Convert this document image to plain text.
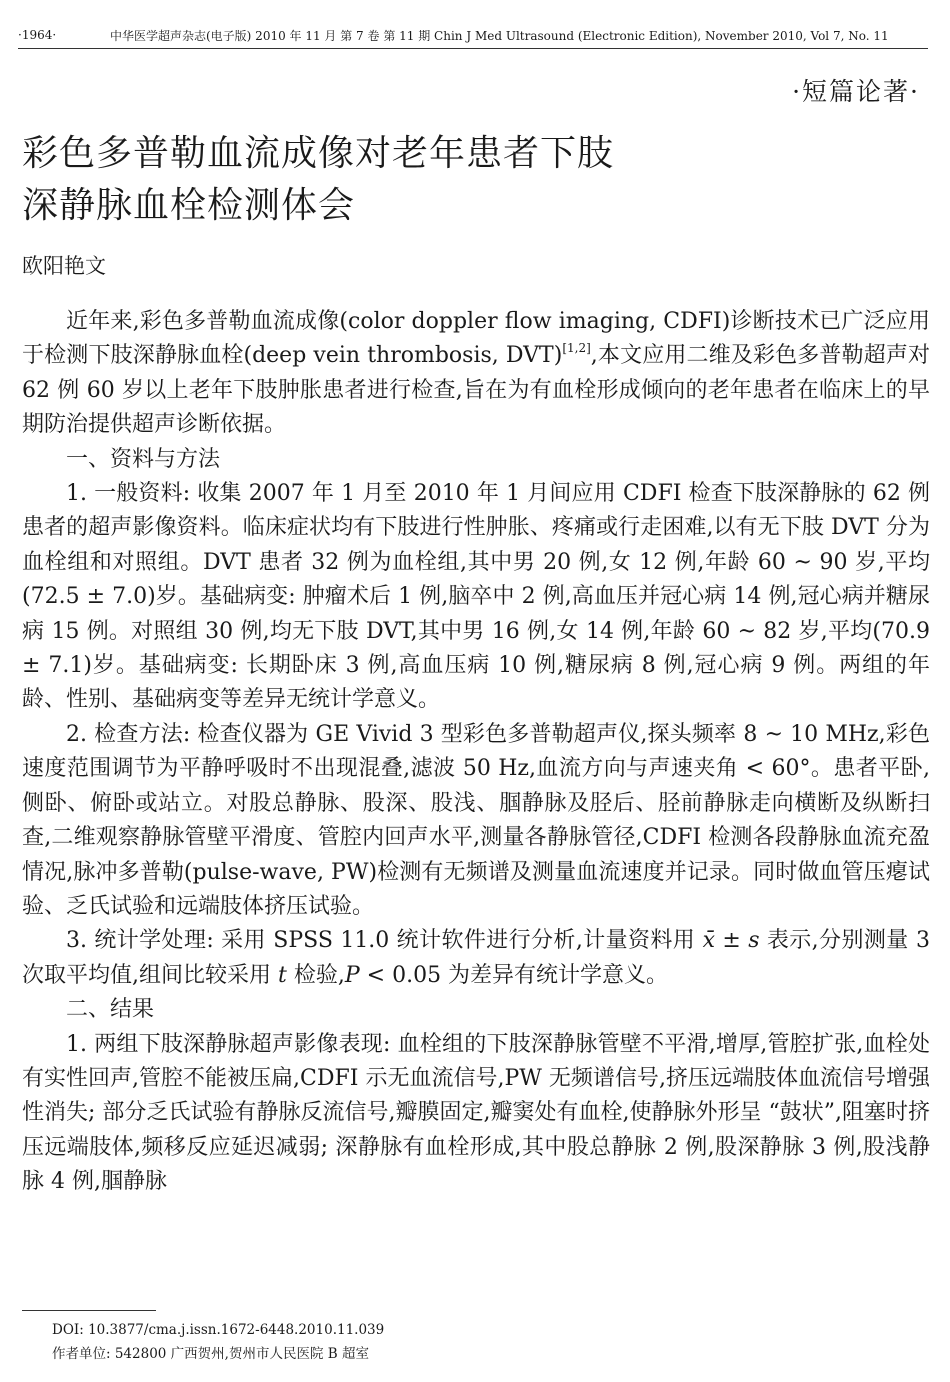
·1964·	中华医学超声杂志(电子版) 2010 年 11 月 第 7 卷 第 11 期 Chin J Med Ultrasound (Electronic Edition), November 2010, Vol 7, No. 11
·短篇论著·
彩色多普勒血流成像对老年患者下肢
深静脉血栓检测体会
欧阳艳文

近年来,彩色多普勒血流成像(color doppler flow imaging, CDFI)诊断技术已广泛应用于检测下肢深静脉血栓(deep vein thrombosis, DVT)[1,2],本文应用二维及彩色多普勒超声对 62 例 60 岁以上老年下肢肿胀患者进行检查,旨在为有血栓形成倾向的老年患者在临床上的早期防治提供超声诊断依据。

一、资料与方法

1. 一般资料: 收集 2007 年 1 月至 2010 年 1 月间应用 CDFI 检查下肢深静脉的 62 例患者的超声影像资料。临床症状均有下肢进行性肿胀、疼痛或行走困难,以有无下肢 DVT 分为血栓组和对照组。DVT 患者 32 例为血栓组,其中男 20 例,女 12 例,年龄 60 ~ 90 岁,平均(72.5 ± 7.0)岁。基础病变: 肿瘤术后 1 例,脑卒中 2 例,高血压并冠心病 14 例,冠心病并糖尿病 15 例。对照组 30 例,均无下肢 DVT,其中男 16 例,女 14 例,年龄 60 ~ 82 岁,平均(70.9 ± 7.1)岁。基础病变: 长期卧床 3 例,高血压病 10 例,糖尿病 8 例,冠心病 9 例。两组的年龄、性别、基础病变等差异无统计学意义。

2. 检查方法: 检查仪器为 GE Vivid 3 型彩色多普勒超声仪,探头频率 8 ~ 10 MHz,彩色速度范围调节为平静呼吸时不出现混叠,滤波 50 Hz,血流方向与声速夹角 < 60°。患者平卧,侧卧、俯卧或站立。对股总静脉、股深、股浅、腘静脉及胫后、胫前静脉走向横断及纵断扫查,二维观察静脉管壁平滑度、管腔内回声水平,测量各静脉管径,CDFI 检测各段静脉血流充盈情况,脉冲多普勒(pulse-wave, PW)检测有无频谱及测量血流速度并记录。同时做血管压瘪试验、乏氏试验和远端肢体挤压试验。

3. 统计学处理: 采用 SPSS 11.0 统计软件进行分析,计量资料用 x̄ ± s 表示,分别测量 3 次取平均值,组间比较采用 t 检验,P < 0.05 为差异有统计学意义。

二、结果

1. 两组下肢深静脉超声影像表现: 血栓组的下肢深静脉管壁不平滑,增厚,管腔扩张,血栓处有实性回声,管腔不能被压扁,CDFI 示无血流信号,PW 无频谱信号,挤压远端肢体血流信号增强性消失; 部分乏氏试验有静脉反流信号,瓣膜固定,瓣窦处有血栓,使静脉外形呈 “鼓状”,阻塞时挤压远端肢体,频移反应延迟减弱; 深静脉有血栓形成,其中股总静脉 2 例,股深静脉 3 例,股浅静脉 4 例,腘静脉

DOI: 10.3877/cma.j.issn.1672-6448.2010.11.039
作者单位: 542800 广西贺州,贺州市人民医院 B 超室
